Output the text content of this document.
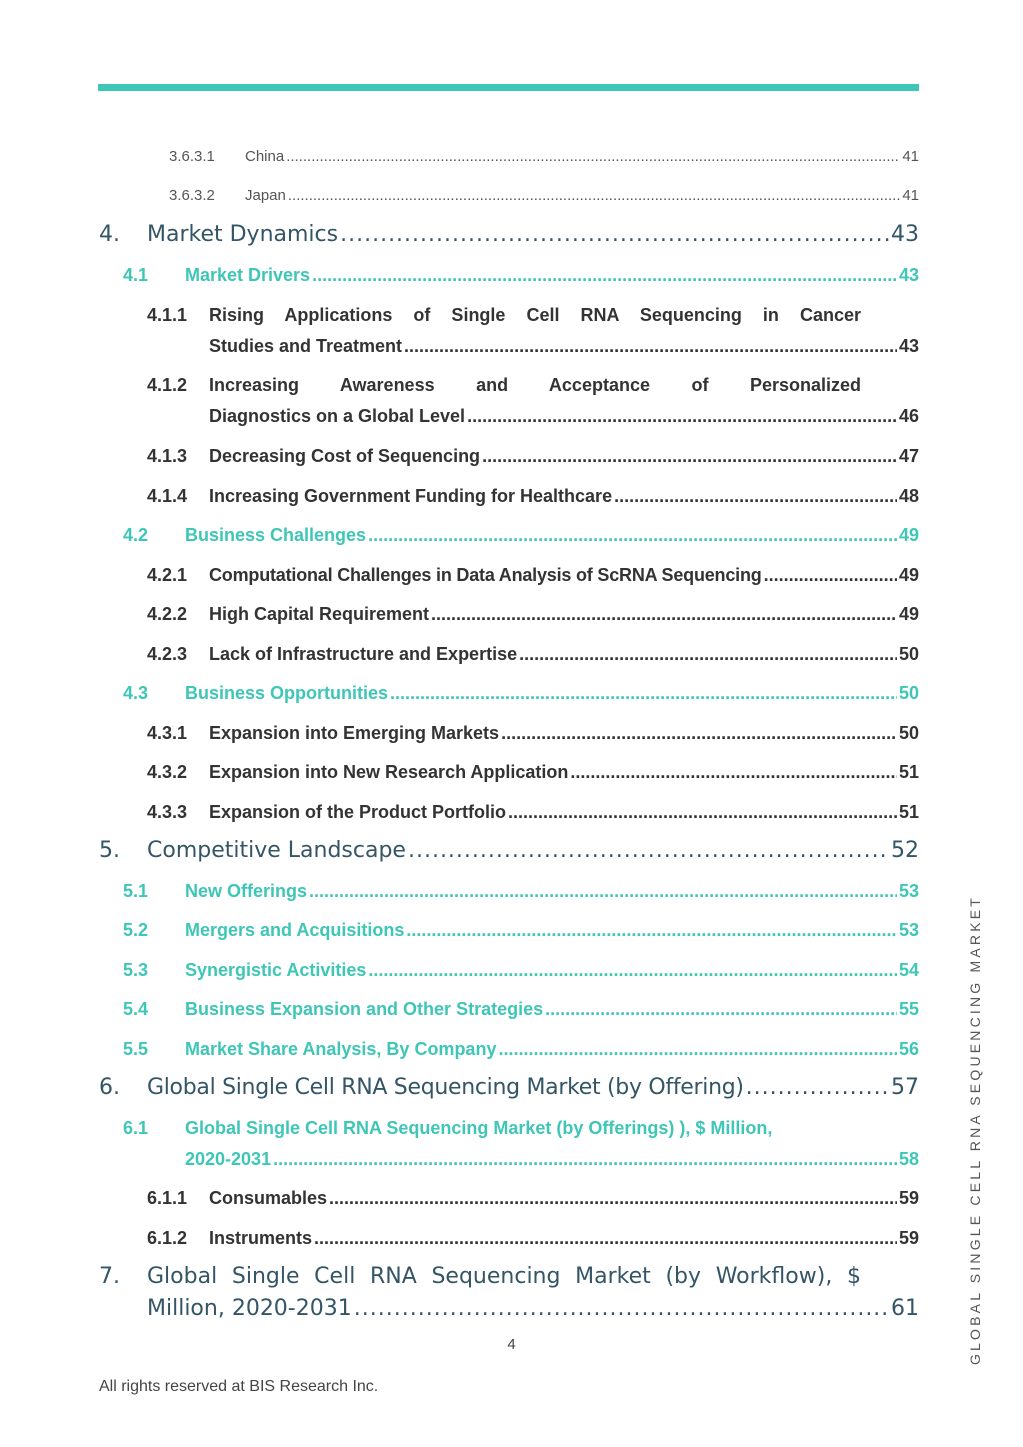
3.6.3.1	China .....	41
3.6.3.2	Japan .....	41
4.	Market Dynamics .....	43
4.1	Market Drivers .....	43
4.1.1	Rising Applications of Single Cell RNA Sequencing in Cancer
Studies and Treatment .....	43
4.1.2	Increasing Awareness and Acceptance of Personalized
Diagnostics on a Global Level .....	46
4.1.3	Decreasing Cost of Sequencing .....	47
4.1.4	Increasing Government Funding for Healthcare .....	48
4.2	Business Challenges .....	49
4.2.1	Computational Challenges in Data Analysis of ScRNA Sequencing .....	49
4.2.2	High Capital Requirement .....	49
4.2.3	Lack of Infrastructure and Expertise .....	50
4.3	Business Opportunities .....	50
4.3.1	Expansion into Emerging Markets .....	50
4.3.2	Expansion into New Research Application .....	51
4.3.3	Expansion of the Product Portfolio .....	51
5.	Competitive Landscape .....	52
5.1	New Offerings .....	53
5.2	Mergers and Acquisitions .....	53
5.3	Synergistic Activities .....	54
5.4	Business Expansion and Other Strategies .....	55
5.5	Market Share Analysis, By Company .....	56
6.	Global Single Cell RNA Sequencing Market (by Offering) .....	57
6.1	Global Single Cell RNA Sequencing Market (by Offerings) ), $ Million,
2020-2031 .....	58
6.1.1	Consumables .....	59
6.1.2	Instruments .....	59
7.	Global Single Cell RNA Sequencing Market (by Workflow), $
Million, 2020-2031 .....	61
4
All rights reserved at BIS Research Inc.
GLOBAL SINGLE CELL RNA SEQUENCING MARKET
